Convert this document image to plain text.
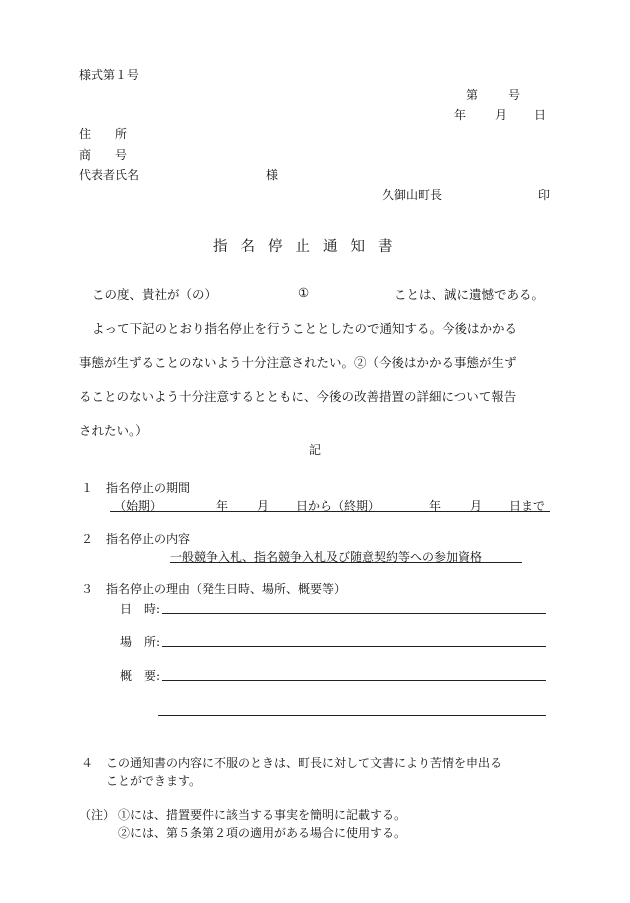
様式第１号
第 号
年 月 日
住　　所
商　　号
代表者氏名	様
久御山町長	印
指名停止通知書
この度、貴社が（の）	①	ことは、誠に遺憾である。
よって下記のとおり指名停止を行うこととしたので通知する。今後はかかる
事態が生ずることのないよう十分注意されたい。②（今後はかかる事態が生ず
ることのないよう十分注意するとともに、今後の改善措置の詳細について報告
されたい。）
記
１ 指名停止の期間
（始期）	年 月 日から（終期）	年 月 日まで
２ 指名停止の内容
一般競争入札、指名競争入札及び随意契約等への参加資格
３ 指名停止の理由（発生日時、場所、概要等）
日　時:
場　所:
概　要:
４ この通知書の内容に不服のときは、町長に対して文書により苦情を申出る
ことができます。
（注） ①には、措置要件に該当する事実を簡明に記載する。
②には、第５条第２項の適用がある場合に使用する。
